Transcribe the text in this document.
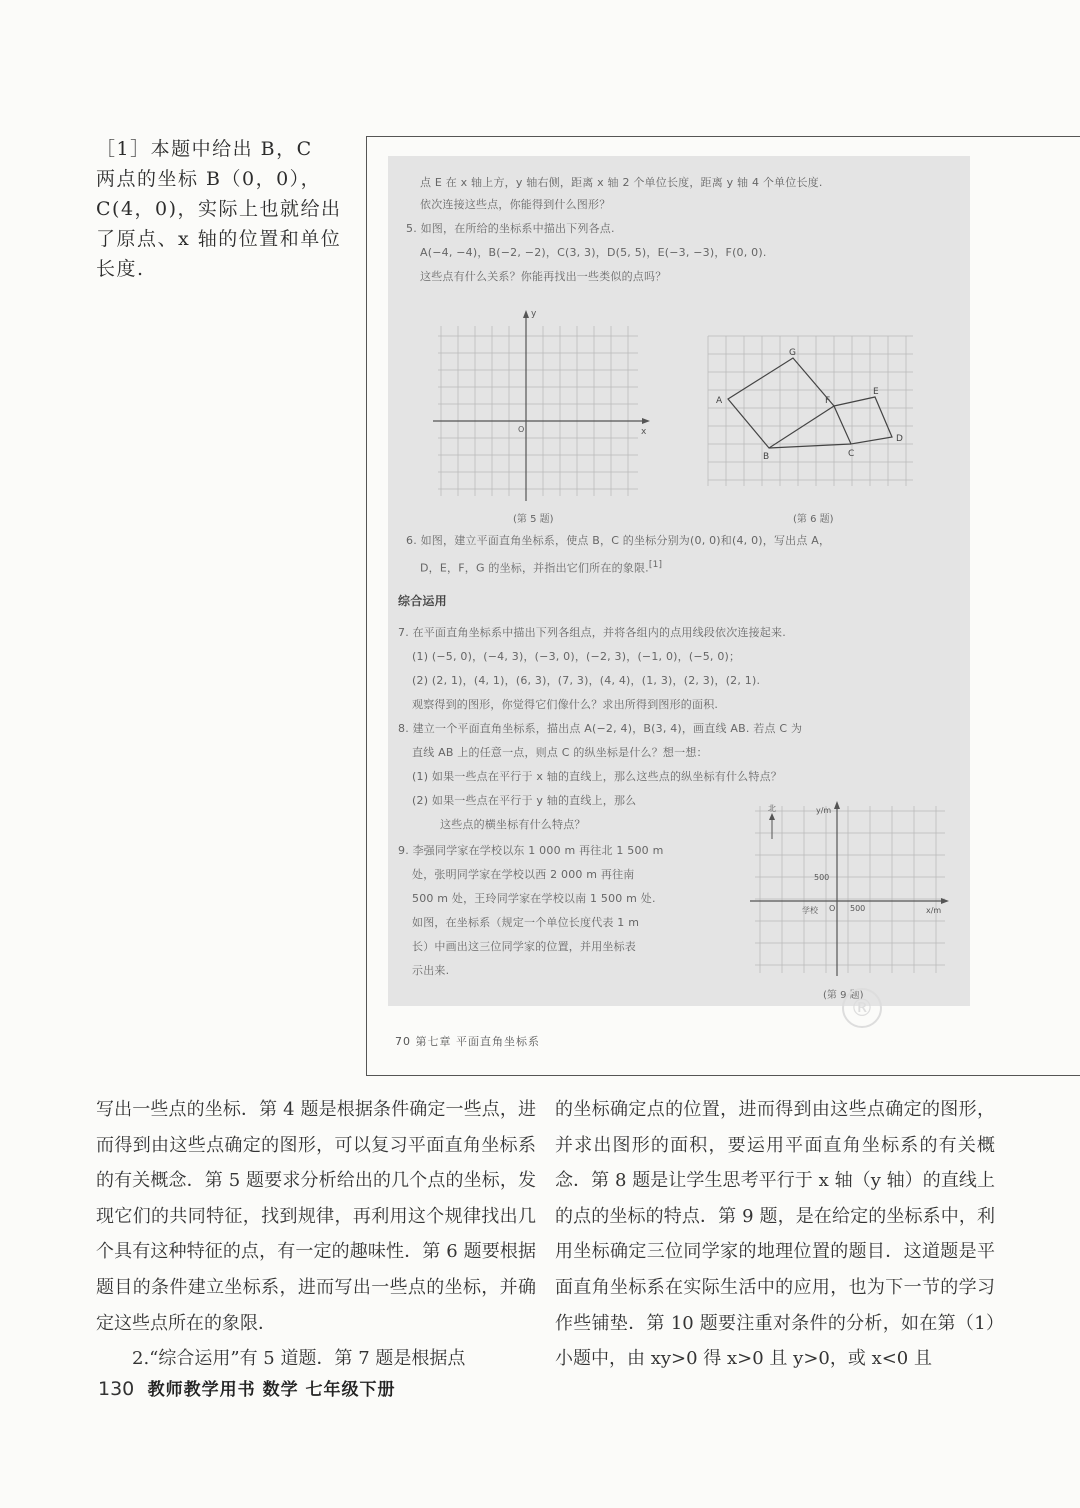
［1］本题中给出 B，C
两点的坐标 B（0，0），
C(4，0)，实际上也就给出
了原点、x 轴的位置和单位
长度.
点 E 在 x 轴上方，y 轴右侧，距离 x 轴 2 个单位长度，距离 y 轴 4 个单位长度.
依次连接这些点，你能得到什么图形？
5. 如图，在所给的坐标系中描出下列各点.
A(−4, −4)，B(−2, −2)，C(3, 3)，D(5, 5)，E(−3, −3)，F(0, 0).
这些点有什么关系？你能再找出一些类似的点吗？
y
x
O
(第 5 题)
G
A	F
E
D
B	C
(第 6 题)
6. 如图，建立平面直角坐标系，使点 B，C 的坐标分别为(0, 0)和(4, 0)，写出点 A，
D，E，F，G 的坐标，并指出它们所在的象限.[1]
综合运用
7. 在平面直角坐标系中描出下列各组点，并将各组内的点用线段依次连接起来.
(1) (−5, 0)，(−4, 3)，(−3, 0)，(−2, 3)，(−1, 0)，(−5, 0)；
(2) (2, 1)，(4, 1)，(6, 3)，(7, 3)，(4, 4)，(1, 3)，(2, 3)，(2, 1).
观察得到的图形，你觉得它们像什么？求出所得到图形的面积.
8. 建立一个平面直角坐标系，描出点 A(−2, 4)，B(3, 4)，画直线 AB. 若点 C 为
直线 AB 上的任意一点，则点 C 的纵坐标是什么？想一想：
(1) 如果一些点在平行于 x 轴的直线上，那么这些点的纵坐标有什么特点？
(2) 如果一些点在平行于 y 轴的直线上，那么
这些点的横坐标有什么特点？
9. 李强同学家在学校以东 1 000 m 再往北 1 500 m
处，张明同学家在学校以西 2 000 m 再往南
500 m 处，王玲同学家在学校以南 1 500 m 处.
如图，在坐标系（规定一个单位长度代表 1 m
长）中画出这三位同学家的位置，并用坐标表
示出来.
北	y/m
500
O 500	x/m
学校
(第 9 题)
70 第七章 平面直角坐标系
®

写出一些点的坐标．第 4 题是根据条件确定一些点，进而得到由这些点确定的图形，可以复习平面直角坐标系的有关概念．第 5 题要求分析给出的几个点的坐标，发现它们的共同特征，找到规律，再利用这个规律找出几个具有这种特征的点，有一定的趣味性．第 6 题要根据题目的条件建立坐标系，进而写出一些点的坐标，并确定这些点所在的象限．

2.“综合运用”有 5 道题．第 7 题是根据点

的坐标确定点的位置，进而得到由这些点确定的图形，并求出图形的面积，要运用平面直角坐标系的有关概念．第 8 题是让学生思考平行于 x 轴（y 轴）的直线上的点的坐标的特点．第 9 题，是在给定的坐标系中，利用坐标确定三位同学家的地理位置的题目．这道题是平面直角坐标系在实际生活中的应用，也为下一节的学习作些铺垫．第 10 题要注重对条件的分析，如在第（1）小题中，由 xy>0 得 x>0 且 y>0，或 x<0 且

130 教师教学用书 数学 七年级下册
